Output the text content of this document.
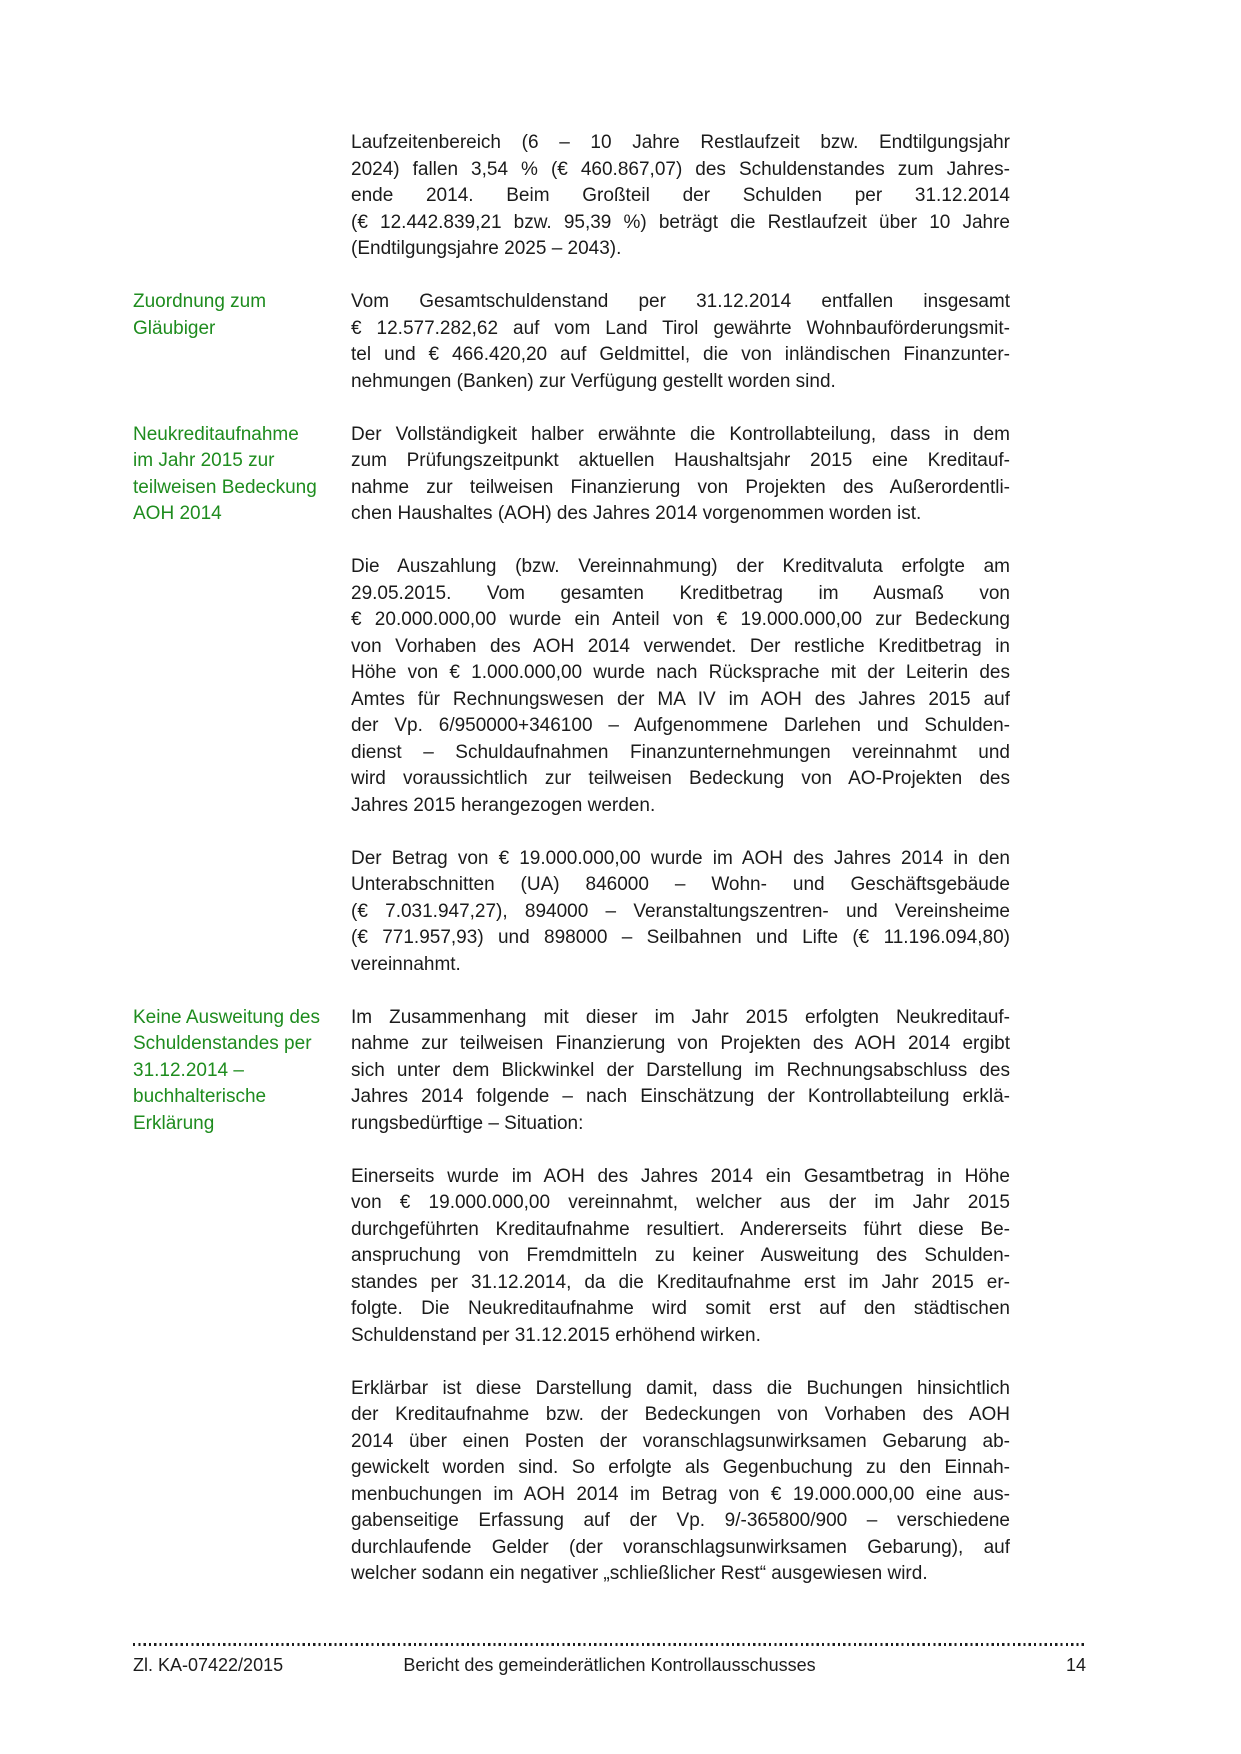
Laufzeitenbereich (6 – 10 Jahre Restlaufzeit bzw. Endtilgungsjahr
2024) fallen 3,54 % (€ 460.867,07) des Schuldenstandes zum Jahres-
ende 2014. Beim Großteil der Schulden per 31.12.2014
(€ 12.442.839,21 bzw. 95,39 %) beträgt die Restlaufzeit über 10 Jahre
(Endtilgungsjahre 2025 – 2043).

Zuordnung zum
Gläubiger

Vom Gesamtschuldenstand per 31.12.2014 entfallen insgesamt
€ 12.577.282,62 auf vom Land Tirol gewährte Wohnbauförderungsmit-
tel und € 466.420,20 auf Geldmittel, die von inländischen Finanzunter-
nehmungen (Banken) zur Verfügung gestellt worden sind.

Neukreditaufnahme
im Jahr 2015 zur
teilweisen Bedeckung
AOH 2014

Der Vollständigkeit halber erwähnte die Kontrollabteilung, dass in dem
zum Prüfungszeitpunkt aktuellen Haushaltsjahr 2015 eine Kreditauf-
nahme zur teilweisen Finanzierung von Projekten des Außerordentli-
chen Haushaltes (AOH) des Jahres 2014 vorgenommen worden ist.

Die Auszahlung (bzw. Vereinnahmung) der Kreditvaluta erfolgte am
29.05.2015. Vom gesamten Kreditbetrag im Ausmaß von
€ 20.000.000,00 wurde ein Anteil von € 19.000.000,00 zur Bedeckung
von Vorhaben des AOH 2014 verwendet. Der restliche Kreditbetrag in
Höhe von € 1.000.000,00 wurde nach Rücksprache mit der Leiterin des
Amtes für Rechnungswesen der MA IV im AOH des Jahres 2015 auf
der Vp. 6/950000+346100 – Aufgenommene Darlehen und Schulden-
dienst – Schuldaufnahmen Finanzunternehmungen vereinnahmt und
wird voraussichtlich zur teilweisen Bedeckung von AO-Projekten des
Jahres 2015 herangezogen werden.

Der Betrag von € 19.000.000,00 wurde im AOH des Jahres 2014 in den
Unterabschnitten (UA) 846000 – Wohn- und Geschäftsgebäude
(€ 7.031.947,27), 894000 – Veranstaltungszentren- und Vereinsheime
(€ 771.957,93) und 898000 – Seilbahnen und Lifte (€ 11.196.094,80)
vereinnahmt.

Keine Ausweitung des
Schuldenstandes per
31.12.2014 –
buchhalterische
Erklärung

Im Zusammenhang mit dieser im Jahr 2015 erfolgten Neukreditauf-
nahme zur teilweisen Finanzierung von Projekten des AOH 2014 ergibt
sich unter dem Blickwinkel der Darstellung im Rechnungsabschluss des
Jahres 2014 folgende – nach Einschätzung der Kontrollabteilung erklä-
rungsbedürftige – Situation:

Einerseits wurde im AOH des Jahres 2014 ein Gesamtbetrag in Höhe
von € 19.000.000,00 vereinnahmt, welcher aus der im Jahr 2015
durchgeführten Kreditaufnahme resultiert. Andererseits führt diese Be-
anspruchung von Fremdmitteln zu keiner Ausweitung des Schulden-
standes per 31.12.2014, da die Kreditaufnahme erst im Jahr 2015 er-
folgte. Die Neukreditaufnahme wird somit erst auf den städtischen
Schuldenstand per 31.12.2015 erhöhend wirken.

Erklärbar ist diese Darstellung damit, dass die Buchungen hinsichtlich
der Kreditaufnahme bzw. der Bedeckungen von Vorhaben des AOH
2014 über einen Posten der voranschlagsunwirksamen Gebarung ab-
gewickelt worden sind. So erfolgte als Gegenbuchung zu den Einnah-
menbuchungen im AOH 2014 im Betrag von € 19.000.000,00 eine aus-
gabenseitige Erfassung auf der Vp. 9/-365800/900 – verschiedene
durchlaufende Gelder (der voranschlagsunwirksamen Gebarung), auf
welcher sodann ein negativer „schließlicher Rest“ ausgewiesen wird.

Zl. KA-07422/2015	Bericht des gemeinderätlichen Kontrollausschusses	14
